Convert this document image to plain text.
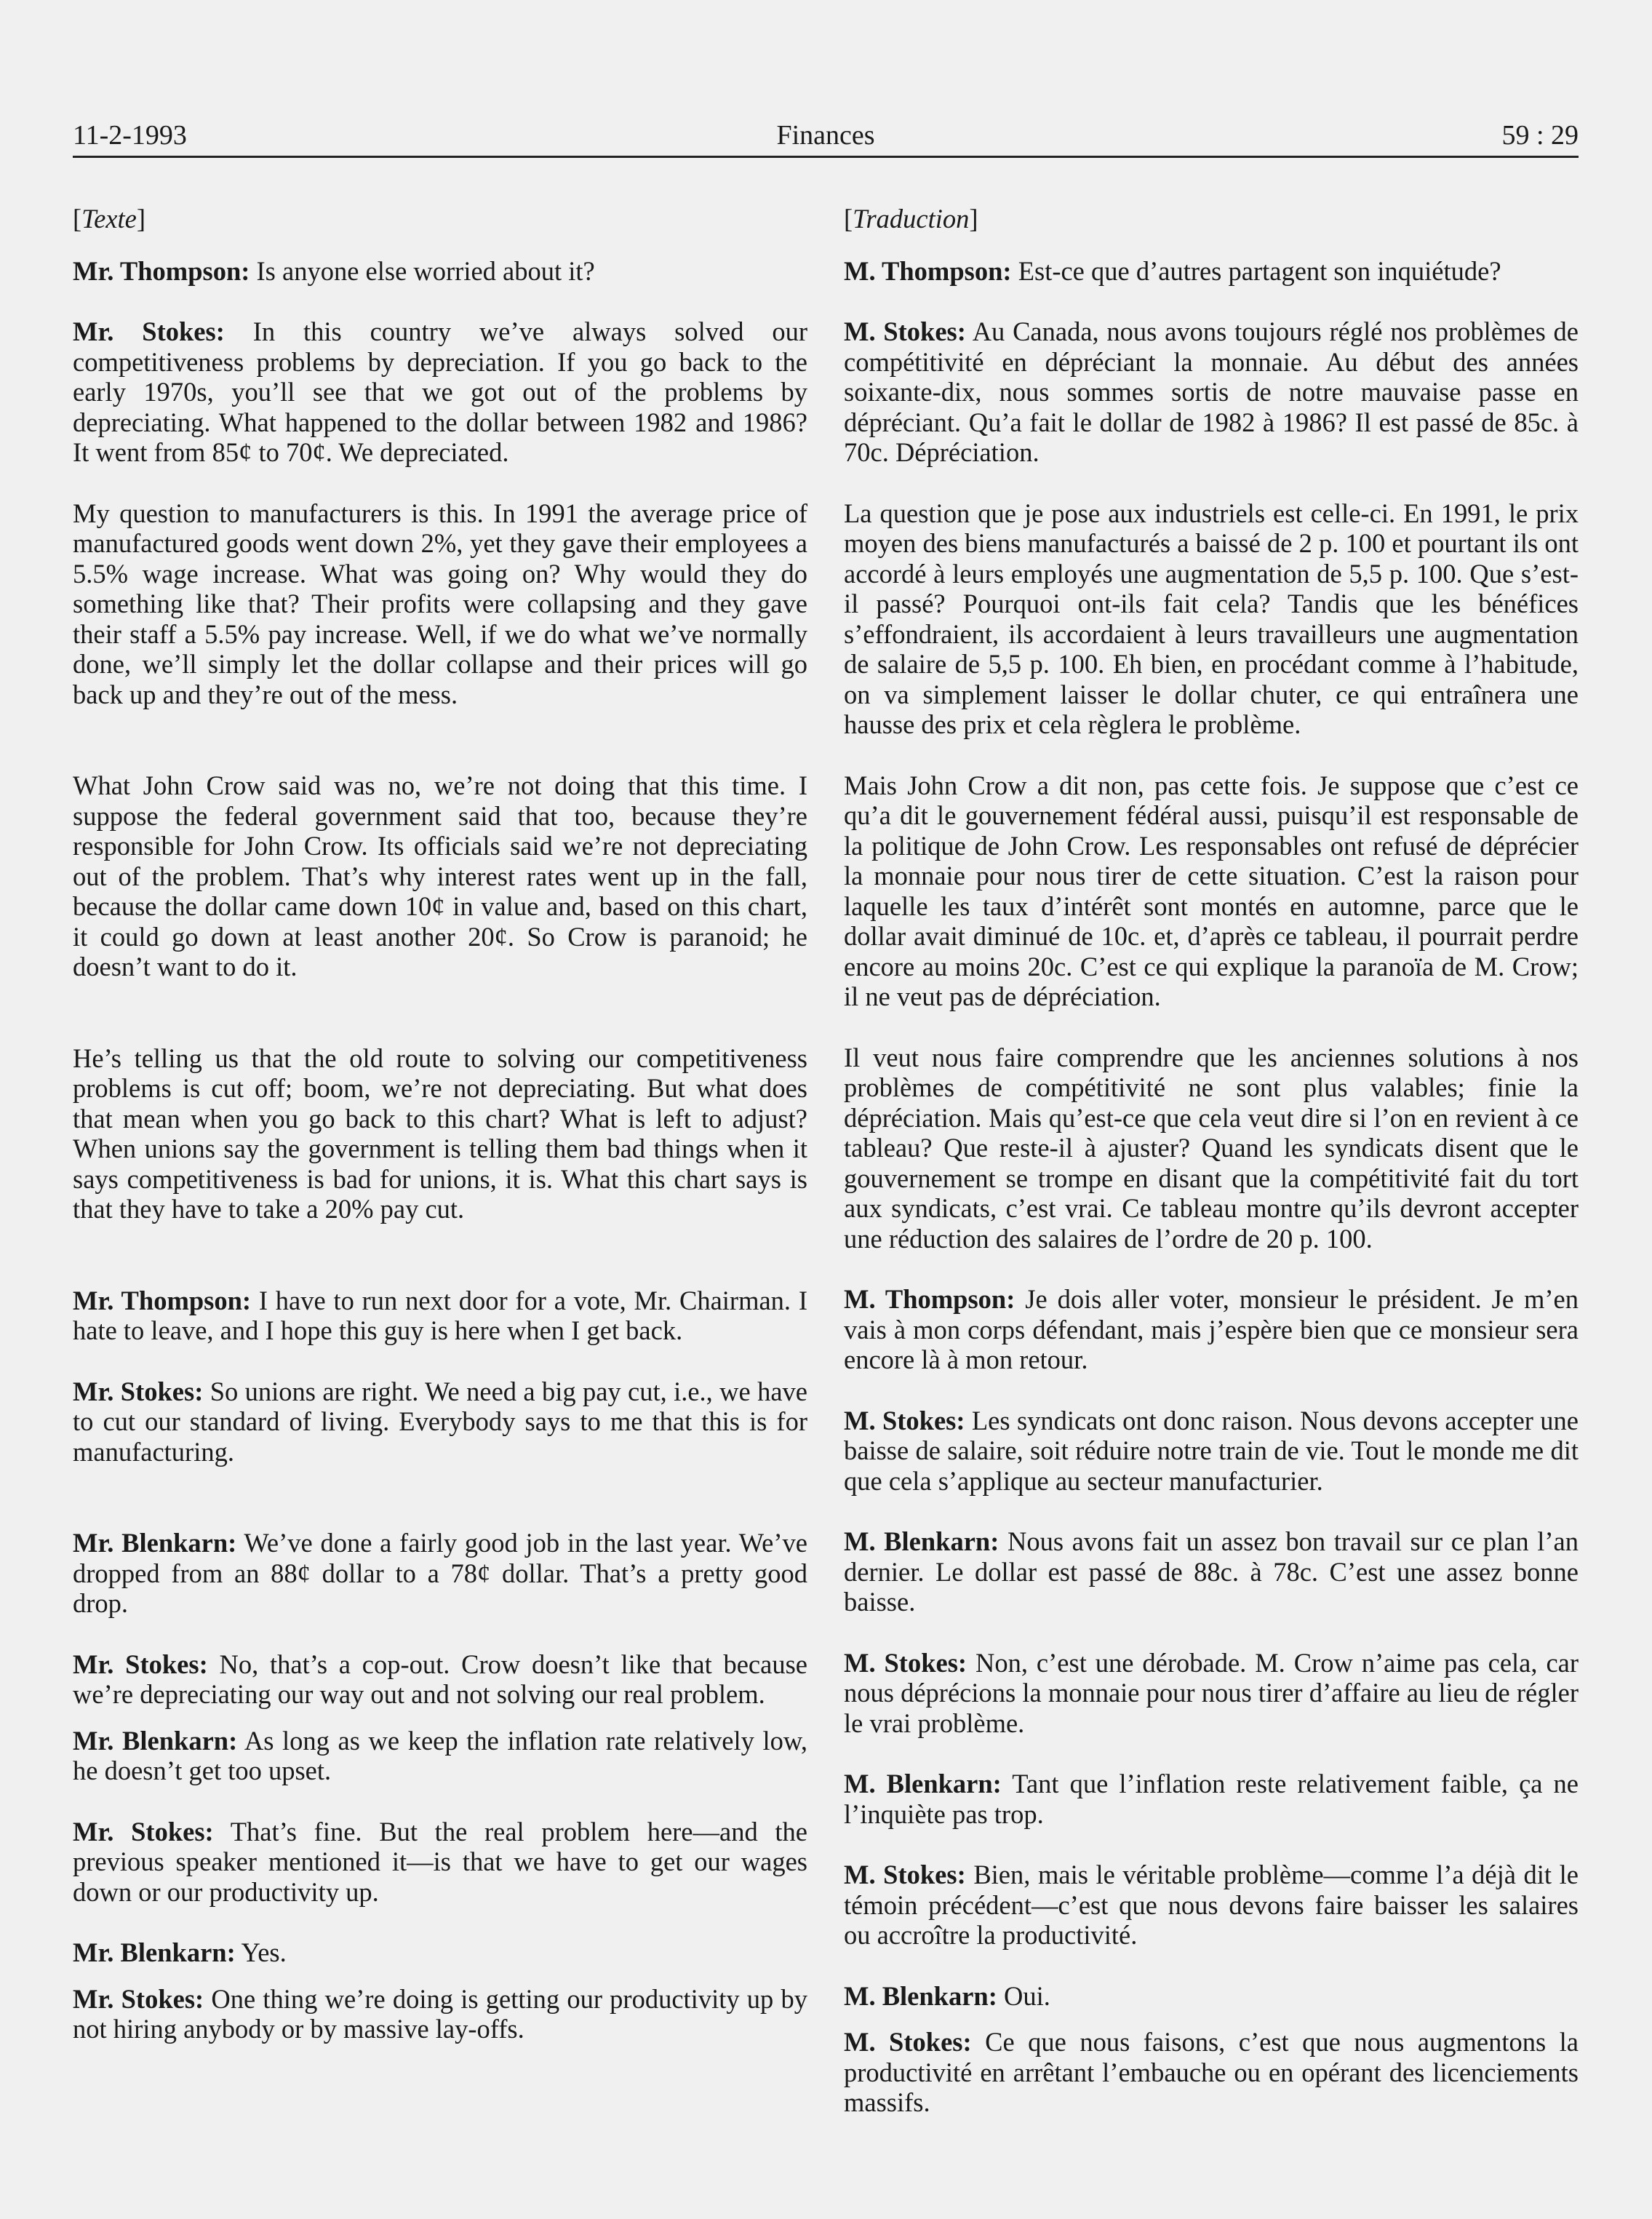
11-2-1993	Finances	59 : 29

[ Texte ]

Mr. Thompson: Is anyone else worried about it?

Mr. Stokes: In this country we’ve always solved our competitiveness problems by depreciation. If you go back to the early 1970s, you’ll see that we got out of the problems by depreciating. What happened to the dollar between 1982 and 1986? It went from 85¢ to 70¢. We depreciated.

My question to manufacturers is this. In 1991 the average price of manufactured goods went down 2%, yet they gave their employees a 5.5% wage increase. What was going on? Why would they do something like that? Their profits were collapsing and they gave their staff a 5.5% pay increase. Well, if we do what we’ve normally done, we’ll simply let the dollar collapse and their prices will go back up and they’re out of the mess.

What John Crow said was no, we’re not doing that this time. I suppose the federal government said that too, because they’re responsible for John Crow. Its officials said we’re not depreciating out of the problem. That’s why interest rates went up in the fall, because the dollar came down 10¢ in value and, based on this chart, it could go down at least another 20¢. So Crow is paranoid; he doesn’t want to do it.

He’s telling us that the old route to solving our competitiveness problems is cut off; boom, we’re not depreciating. But what does that mean when you go back to this chart? What is left to adjust? When unions say the government is telling them bad things when it says competitiveness is bad for unions, it is. What this chart says is that they have to take a 20% pay cut.

Mr. Thompson: I have to run next door for a vote, Mr. Chairman. I hate to leave, and I hope this guy is here when I get back.

Mr. Stokes: So unions are right. We need a big pay cut, i.e., we have to cut our standard of living. Everybody says to me that this is for manufacturing.

Mr. Blenkarn: We’ve done a fairly good job in the last year. We’ve dropped from an 88¢ dollar to a 78¢ dollar. That’s a pretty good drop.

Mr. Stokes: No, that’s a cop-out. Crow doesn’t like that because we’re depreciating our way out and not solving our real problem.

Mr. Blenkarn: As long as we keep the inflation rate relatively low, he doesn’t get too upset.

Mr. Stokes: That’s fine. But the real problem here—and the previous speaker mentioned it—is that we have to get our wages down or our productivity up.

Mr. Blenkarn: Yes.

Mr. Stokes: One thing we’re doing is getting our productivity up by not hiring anybody or by massive lay-offs.

[ Traduction ]

M. Thompson: Est-ce que d’autres partagent son inquiétude?

M. Stokes: Au Canada, nous avons toujours réglé nos problèmes de compétitivité en dépréciant la monnaie. Au début des années soixante-dix, nous sommes sortis de notre mauvaise passe en dépréciant. Qu’a fait le dollar de 1982 à 1986? Il est passé de 85c. à 70c. Dépréciation.

La question que je pose aux industriels est celle-ci. En 1991, le prix moyen des biens manufacturés a baissé de 2 p. 100 et pourtant ils ont accordé à leurs employés une augmentation de 5,5 p. 100. Que s’est-il passé? Pourquoi ont-ils fait cela? Tandis que les bénéfices s’effondraient, ils accordaient à leurs travailleurs une augmentation de salaire de 5,5 p. 100. Eh bien, en procédant comme à l’habitude, on va simplement laisser le dollar chuter, ce qui entraînera une hausse des prix et cela règlera le problème.

Mais John Crow a dit non, pas cette fois. Je suppose que c’est ce qu’a dit le gouvernement fédéral aussi, puisqu’il est responsable de la politique de John Crow. Les responsables ont refusé de déprécier la monnaie pour nous tirer de cette situation. C’est la raison pour laquelle les taux d’intérêt sont montés en automne, parce que le dollar avait diminué de 10c. et, d’après ce tableau, il pourrait perdre encore au moins 20c. C’est ce qui explique la paranoïa de M. Crow; il ne veut pas de dépréciation.

Il veut nous faire comprendre que les anciennes solutions à nos problèmes de compétitivité ne sont plus valables; finie la dépréciation. Mais qu’est-ce que cela veut dire si l’on en revient à ce tableau? Que reste-il à ajuster? Quand les syndicats disent que le gouvernement se trompe en disant que la compétitivité fait du tort aux syndicats, c’est vrai. Ce tableau montre qu’ils devront accepter une réduction des salaires de l’ordre de 20 p. 100.

M. Thompson: Je dois aller voter, monsieur le président. Je m’en vais à mon corps défendant, mais j’espère bien que ce monsieur sera encore là à mon retour.

M. Stokes: Les syndicats ont donc raison. Nous devons accepter une baisse de salaire, soit réduire notre train de vie. Tout le monde me dit que cela s’applique au secteur manufacturier.

M. Blenkarn: Nous avons fait un assez bon travail sur ce plan l’an dernier. Le dollar est passé de 88c. à 78c. C’est une assez bonne baisse.

M. Stokes: Non, c’est une dérobade. M. Crow n’aime pas cela, car nous déprécions la monnaie pour nous tirer d’affaire au lieu de régler le vrai problème.

M. Blenkarn: Tant que l’inflation reste relativement faible, ça ne l’inquiète pas trop.

M. Stokes: Bien, mais le véritable problème—comme l’a déjà dit le témoin précédent—c’est que nous devons faire baisser les salaires ou accroître la productivité.

M. Blenkarn: Oui.

M. Stokes: Ce que nous faisons, c’est que nous augmentons la productivité en arrêtant l’embauche ou en opérant des licenciements massifs.
